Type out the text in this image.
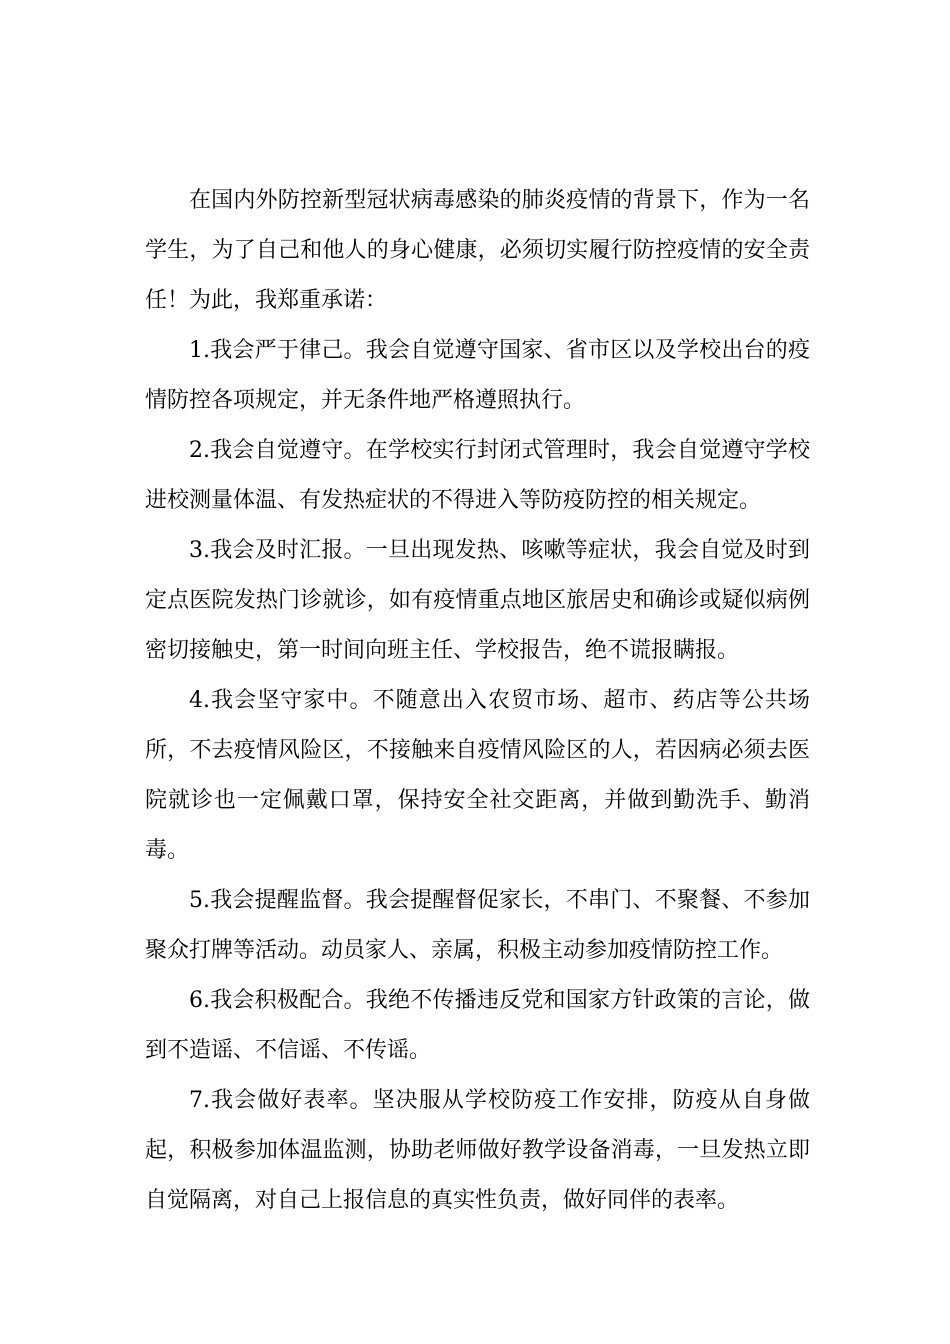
在国内外防控新型冠状病毒感染的肺炎疫情的背景下，作为一名学生，为了自己和他人的身心健康，必须切实履行防控疫情的安全责任！为此，我郑重承诺：

1.我会严于律己。我会自觉遵守国家、省市区以及学校出台的疫情防控各项规定，并无条件地严格遵照执行。

2.我会自觉遵守。在学校实行封闭式管理时，我会自觉遵守学校进校测量体温、有发热症状的不得进入等防疫防控的相关规定。

3.我会及时汇报。一旦出现发热、咳嗽等症状，我会自觉及时到定点医院发热门诊就诊，如有疫情重点地区旅居史和确诊或疑似病例密切接触史，第一时间向班主任、学校报告，绝不谎报瞒报。

4.我会坚守家中。不随意出入农贸市场、超市、药店等公共场所，不去疫情风险区，不接触来自疫情风险区的人，若因病必须去医院就诊也一定佩戴口罩，保持安全社交距离，并做到勤洗手、勤消毒。

5.我会提醒监督。我会提醒督促家长，不串门、不聚餐、不参加聚众打牌等活动。动员家人、亲属，积极主动参加疫情防控工作。

6.我会积极配合。我绝不传播违反党和国家方针政策的言论，做到不造谣、不信谣、不传谣。

7.我会做好表率。坚决服从学校防疫工作安排，防疫从自身做起，积极参加体温监测，协助老师做好教学设备消毒，一旦发热立即自觉隔离，对自己上报信息的真实性负责，做好同伴的表率。
